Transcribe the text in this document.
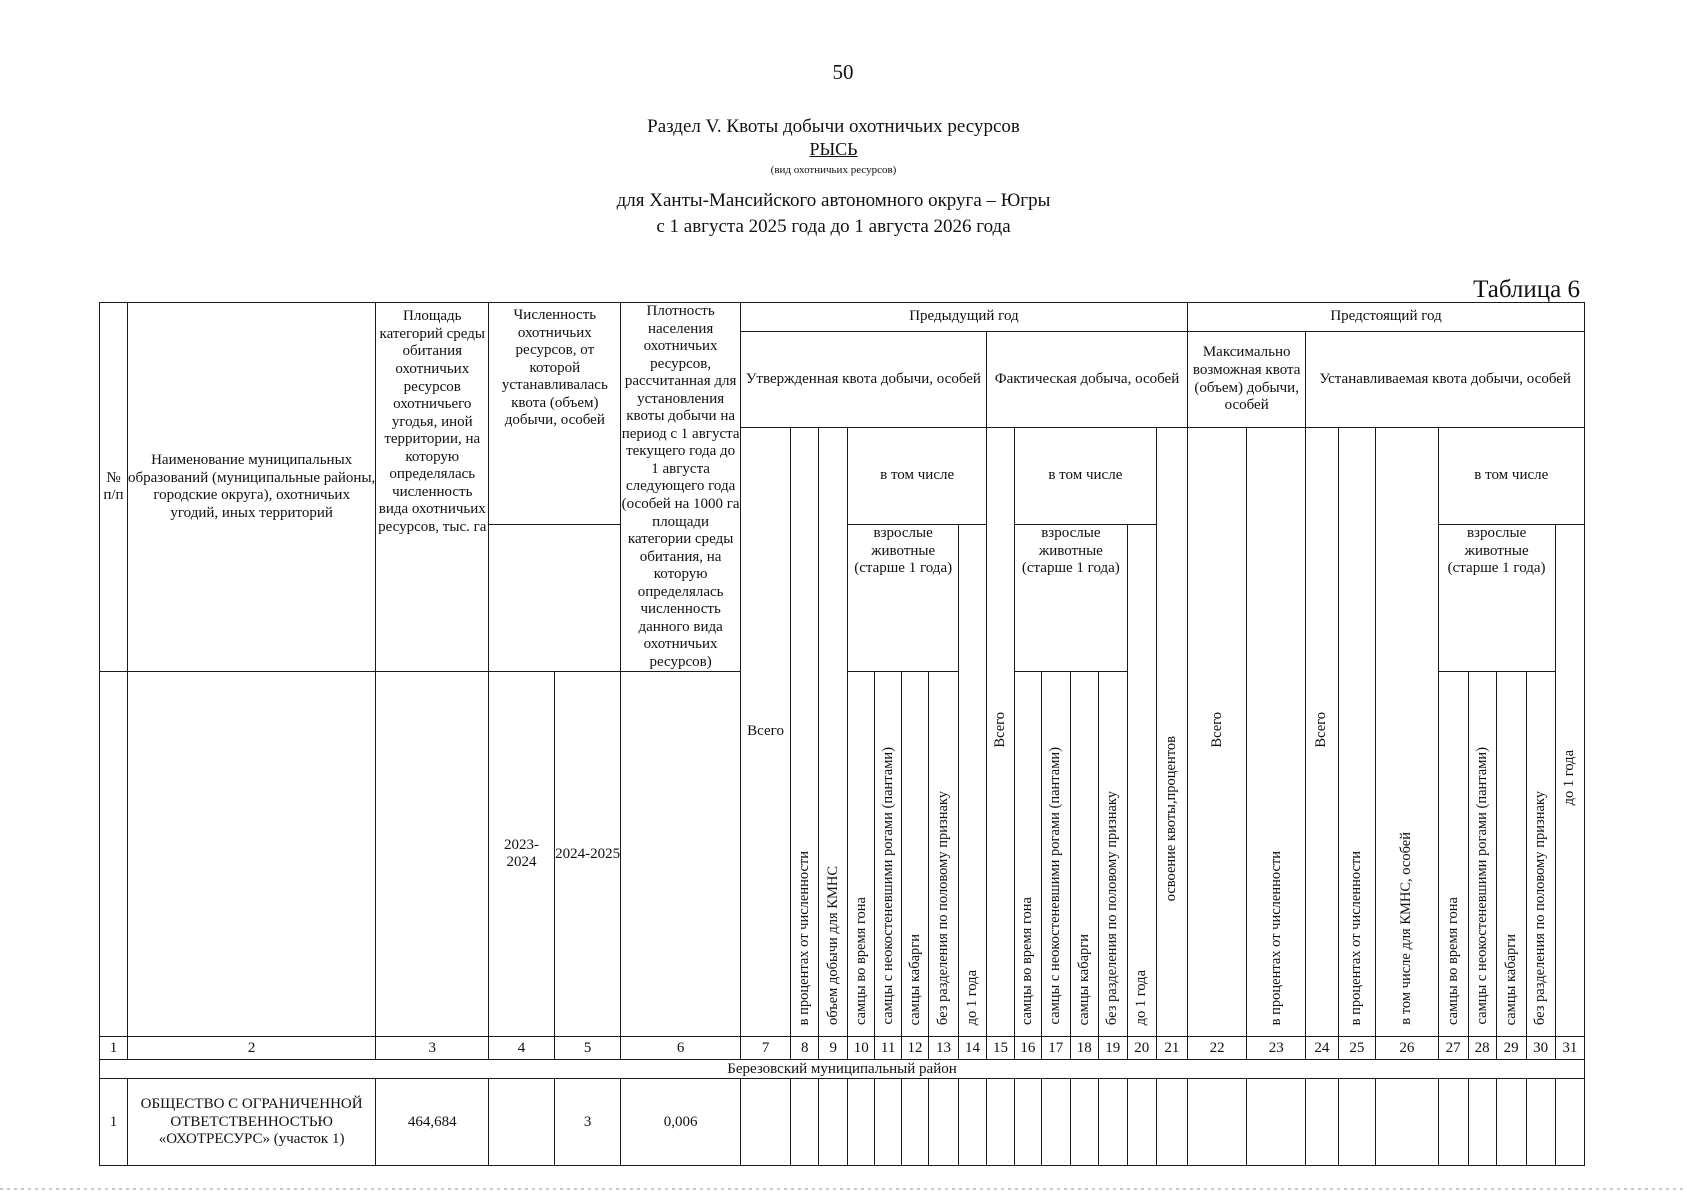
50
Раздел V. Квоты добычи охотничьих ресурсов
РЫСЬ
(вид охотничьих ресурсов)
для Ханты-Мансийского автономного округа – Югры
с 1 августа 2025 года до 1 августа 2026 года
Таблица 6
№ п/п	Наименование муниципальных образований (муниципальные районы, городские округа), охотничьих угодий, иных территорий	Площадь категорий среды обитания охотничьих ресурсов охотничьего угодья, иной территории, на которую определялась численность вида охотничьих ресурсов, тыс. га	Численность охотничьих ресурсов, от которой устанавливалась квота (объем) добычи, особей		Плотность населения охотничьих ресурсов, рассчитанная для установления квоты добычи на период с 1 августа текущего года до 1 августа следующего года (особей на 1000 га площади категории среды обитания, на которую определялась численность данного вида охотничьих ресурсов)	Предыдущий год															Предстоящий год									
						Утвержденная квота добычи, особей								Фактическая добыча, особей							Максимально возможная квота (объем) добычи, особей		Устанавливаемая квота добычи, особей							
						Всего	в процентах от численности	объем добычи для КМНС	в том числе					Всего	в том числе					освоение квоты,процентов	Всего	в процентах от численности	Всего	в процентах от численности	в том числе для КМНС, особей	в том числе				
									взрослые животные (старше 1 года)				до 1 года		взрослые животные (старше 1 года)				до 1 года							взрослые животные (старше 1 года)				до 1 года
			2023-2024	2024-2025					самцы во время гона	самцы с неокостеневшими рогами (пантами)	самцы кабарги	без разделения по половому признаку			самцы во время гона	самцы с неокостеневшими рогами (пантами)	самцы кабарги	без разделения по половому признаку								самцы во время гона	самцы с неокостеневшими рогами (пантами)	самцы кабарги	без разделения по половому признаку	
1	2	3	4	5	6	7	8	9	10	11	12	13	14	15	16	17	18	19	20	21	22	23	24	25	26	27	28	29	30	31
Березовский муниципальный район																														
1	ОБЩЕСТВО С ОГРАНИЧЕННОЙ ОТВЕТСТВЕННОСТЬЮ «ОХОТРЕСУРС» (участок 1)	464,684		3	0,006																									
